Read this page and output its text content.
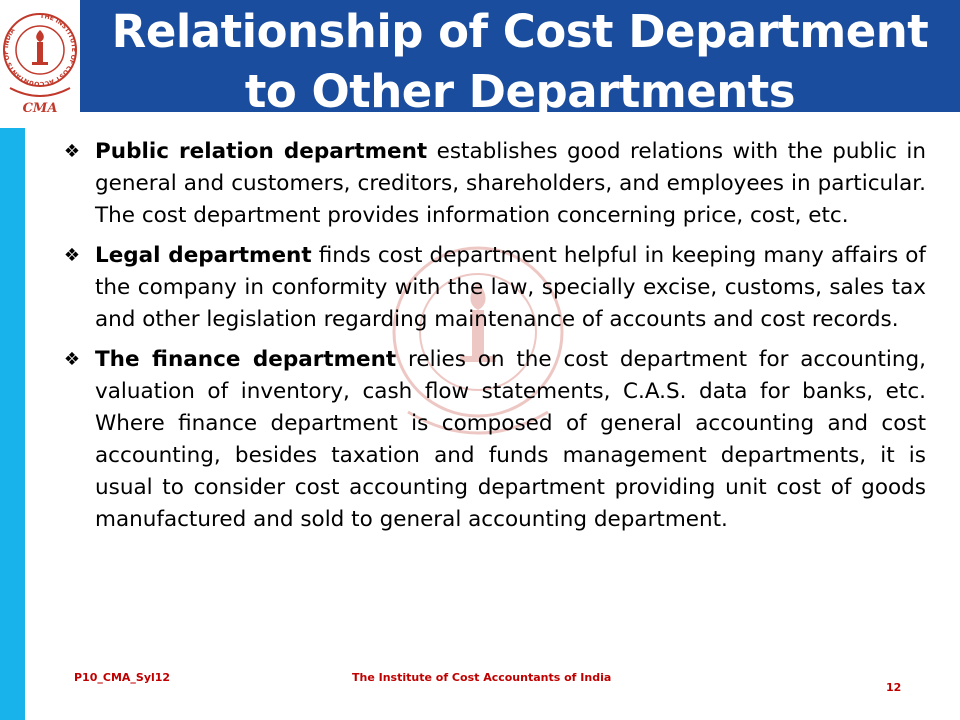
THE INSTITUTE OF COST ACCOUNTANTS OF INDIA
CMA
Relationship of Cost Department
to Other Departments
❖ Public relation department establishes good relations with the public in general and customers, creditors, shareholders, and employees in particular. The cost department provides information concerning price, cost, etc.
❖ Legal department finds cost department helpful in keeping many affairs of the company in conformity with the law, specially excise, customs, sales tax and other legislation regarding maintenance of accounts and cost records.
❖ The finance department relies on the cost department for accounting, valuation of inventory, cash flow statements, C.A.S. data for banks, etc. Where finance department is composed of general accounting and cost accounting, besides taxation and funds management departments, it is usual to consider cost accounting department providing unit cost of goods manufactured and sold to general accounting department.
P10_CMA_Syl12	The Institute of Cost Accountants of India
12
